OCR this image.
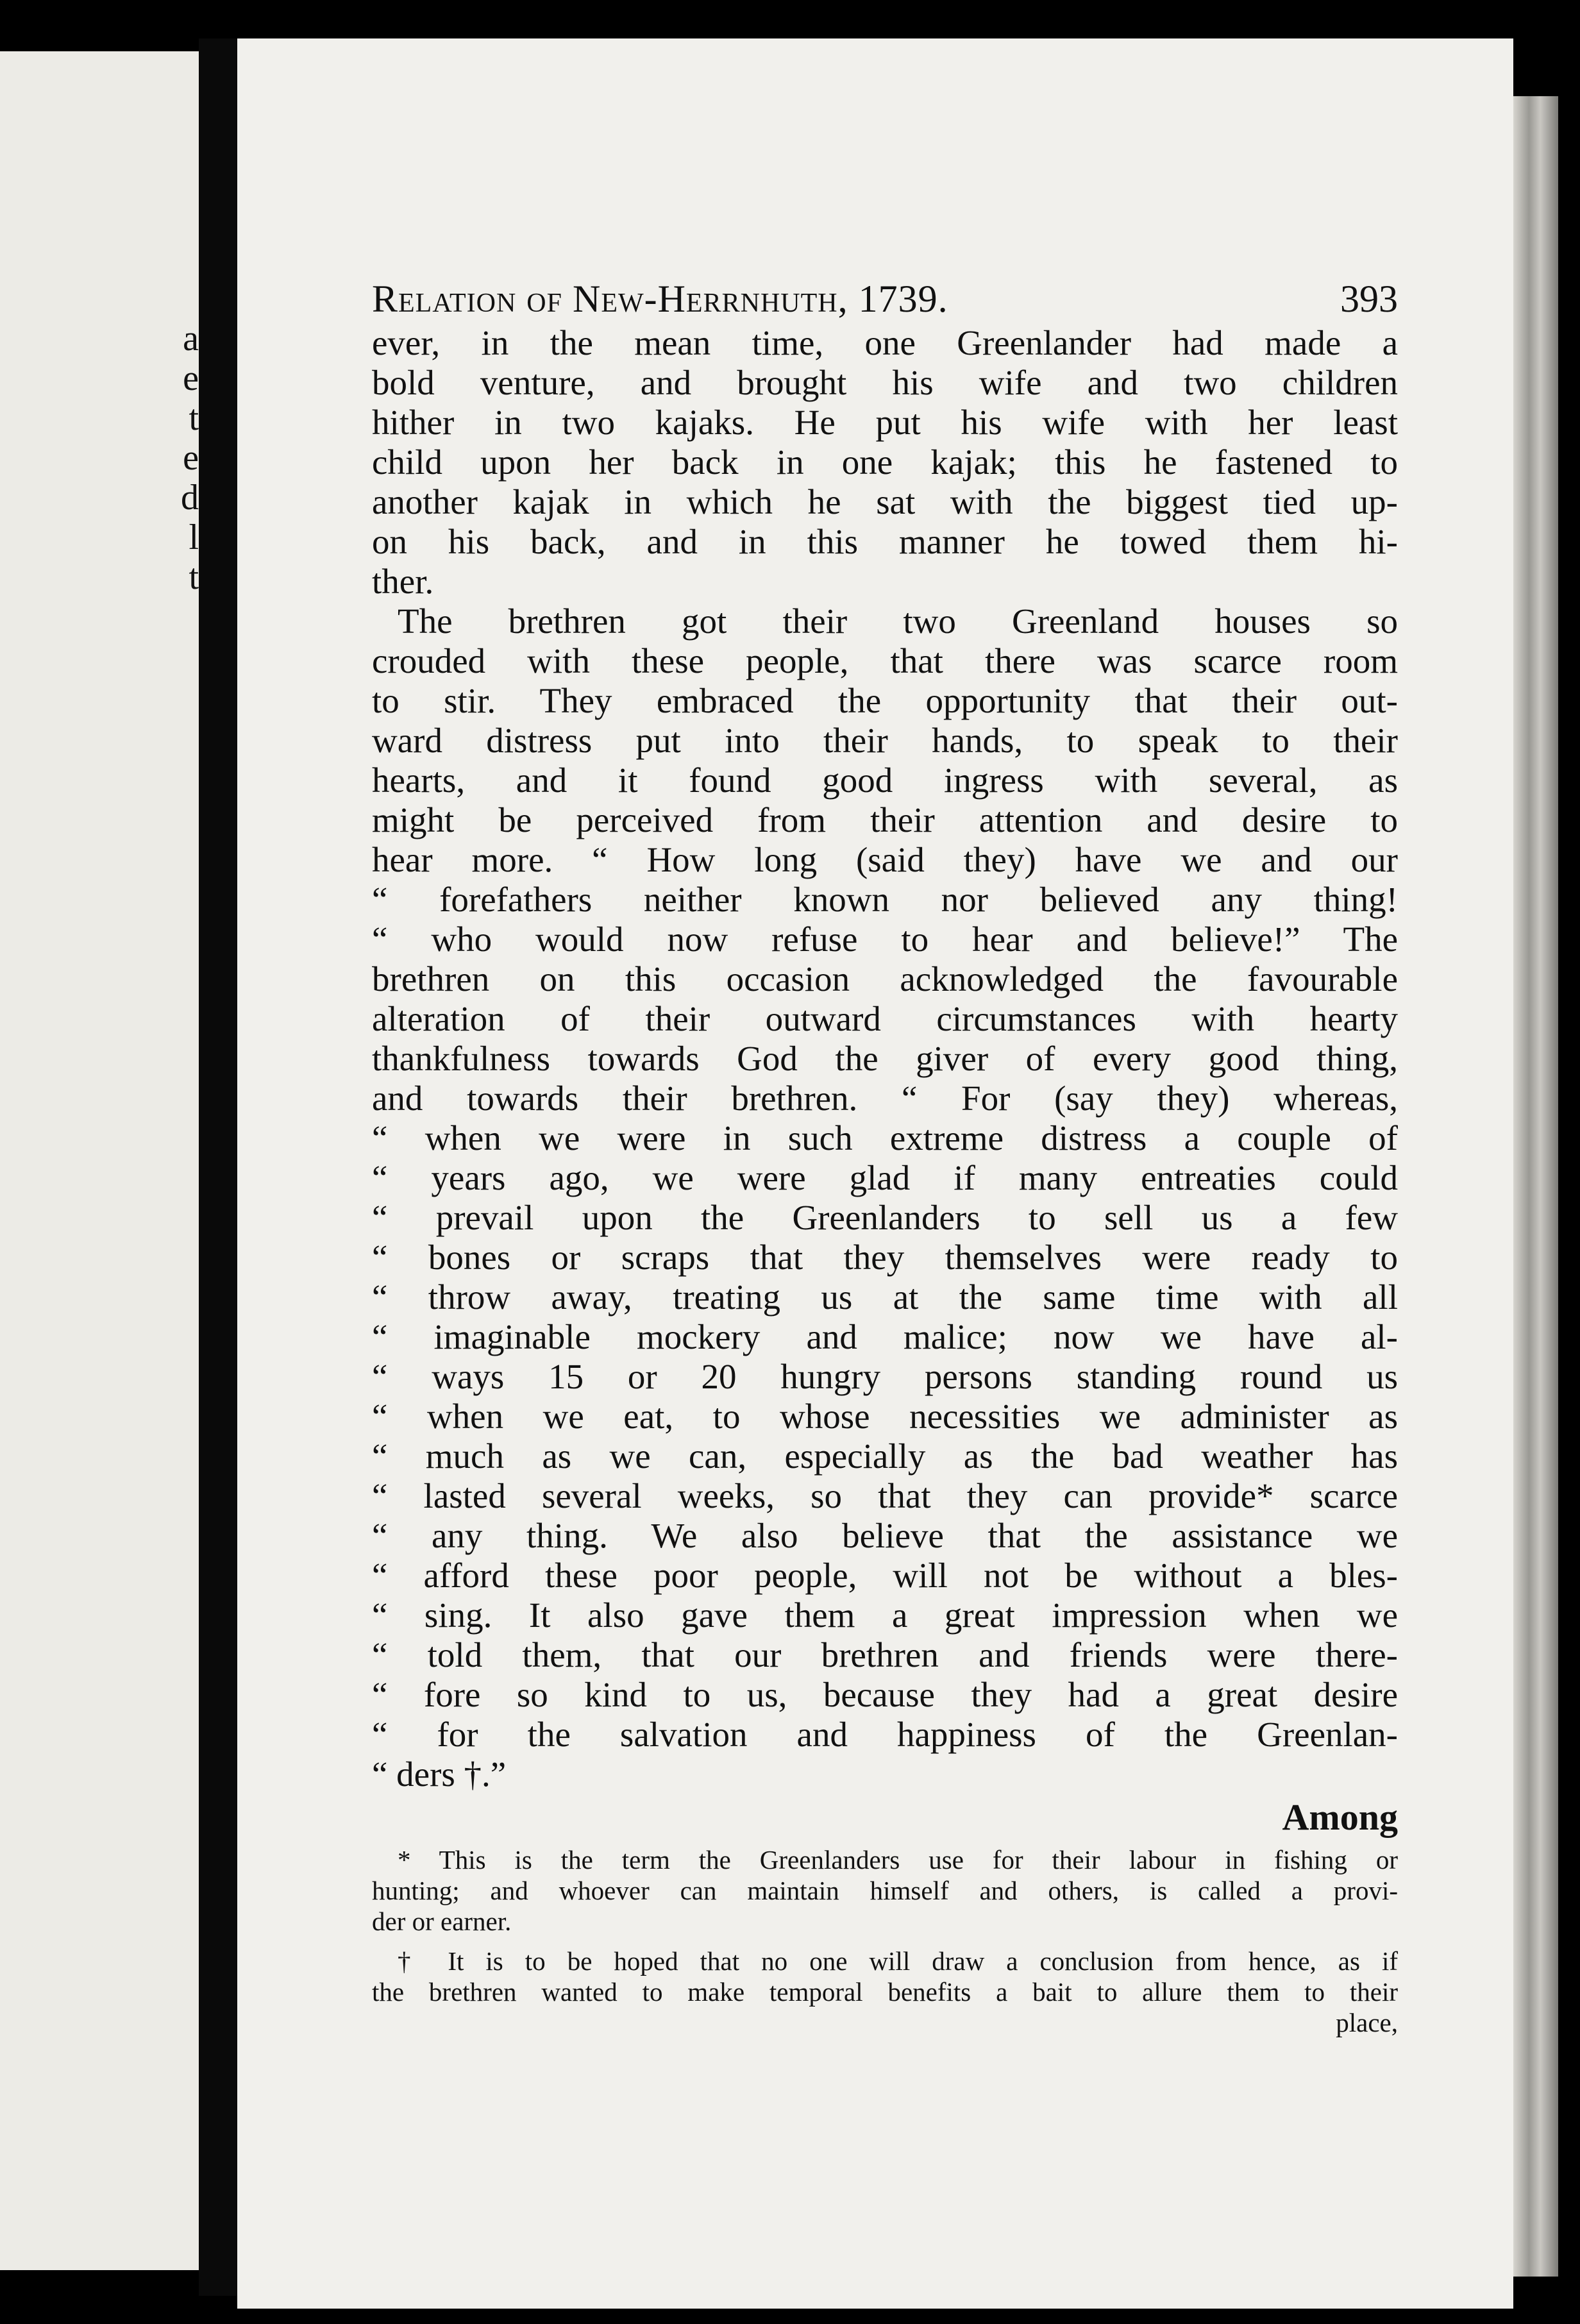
a
e
t
e
d
l
t
Relation of New-Herrnhuth, 1739.	393
ever, in the mean time, one Greenlander had made a
bold venture, and brought his wife and two children
hither in two kajaks. He put his wife with her least
child upon her back in one kajak; this he fastened to
another kajak in which he sat with the biggest tied up-
on his back, and in this manner he towed them hi-
ther.
The brethren got their two Greenland houses so
crouded with these people, that there was scarce room
to stir. They embraced the opportunity that their out-
ward distress put into their hands, to speak to their
hearts, and it found good ingress with several, as
might be perceived from their attention and desire to
hear more. “ How long (said they) have we and our
“ forefathers neither known nor believed any thing!
“ who would now refuse to hear and believe!” The
brethren on this occasion acknowledged the favourable
alteration of their outward circumstances with hearty
thankfulness towards God the giver of every good thing,
and towards their brethren. “ For (say they) whereas,
“ when we were in such extreme distress a couple of
“ years ago, we were glad if many entreaties could
“ prevail upon the Greenlanders to sell us a few
“ bones or scraps that they themselves were ready to
“ throw away, treating us at the same time with all
“ imaginable mockery and malice; now we have al-
“ ways 15 or 20 hungry persons standing round us
“ when we eat, to whose necessities we administer as
“ much as we can, especially as the bad weather has
“ lasted several weeks, so that they can provide* scarce
“ any thing. We also believe that the assistance we
“ afford these poor people, will not be without a bles-
“ sing. It also gave them a great impression when we
“ told them, that our brethren and friends were there-
“ fore so kind to us, because they had a great desire
“ for the salvation and happiness of the Greenlan-
“ ders †.”
Among
* This is the term the Greenlanders use for their labour in fishing or
hunting; and whoever can maintain himself and others, is called a provi-
der or earner.
† It is to be hoped that no one will draw a conclusion from hence, as if
the brethren wanted to make temporal benefits a bait to allure them to their
place,
